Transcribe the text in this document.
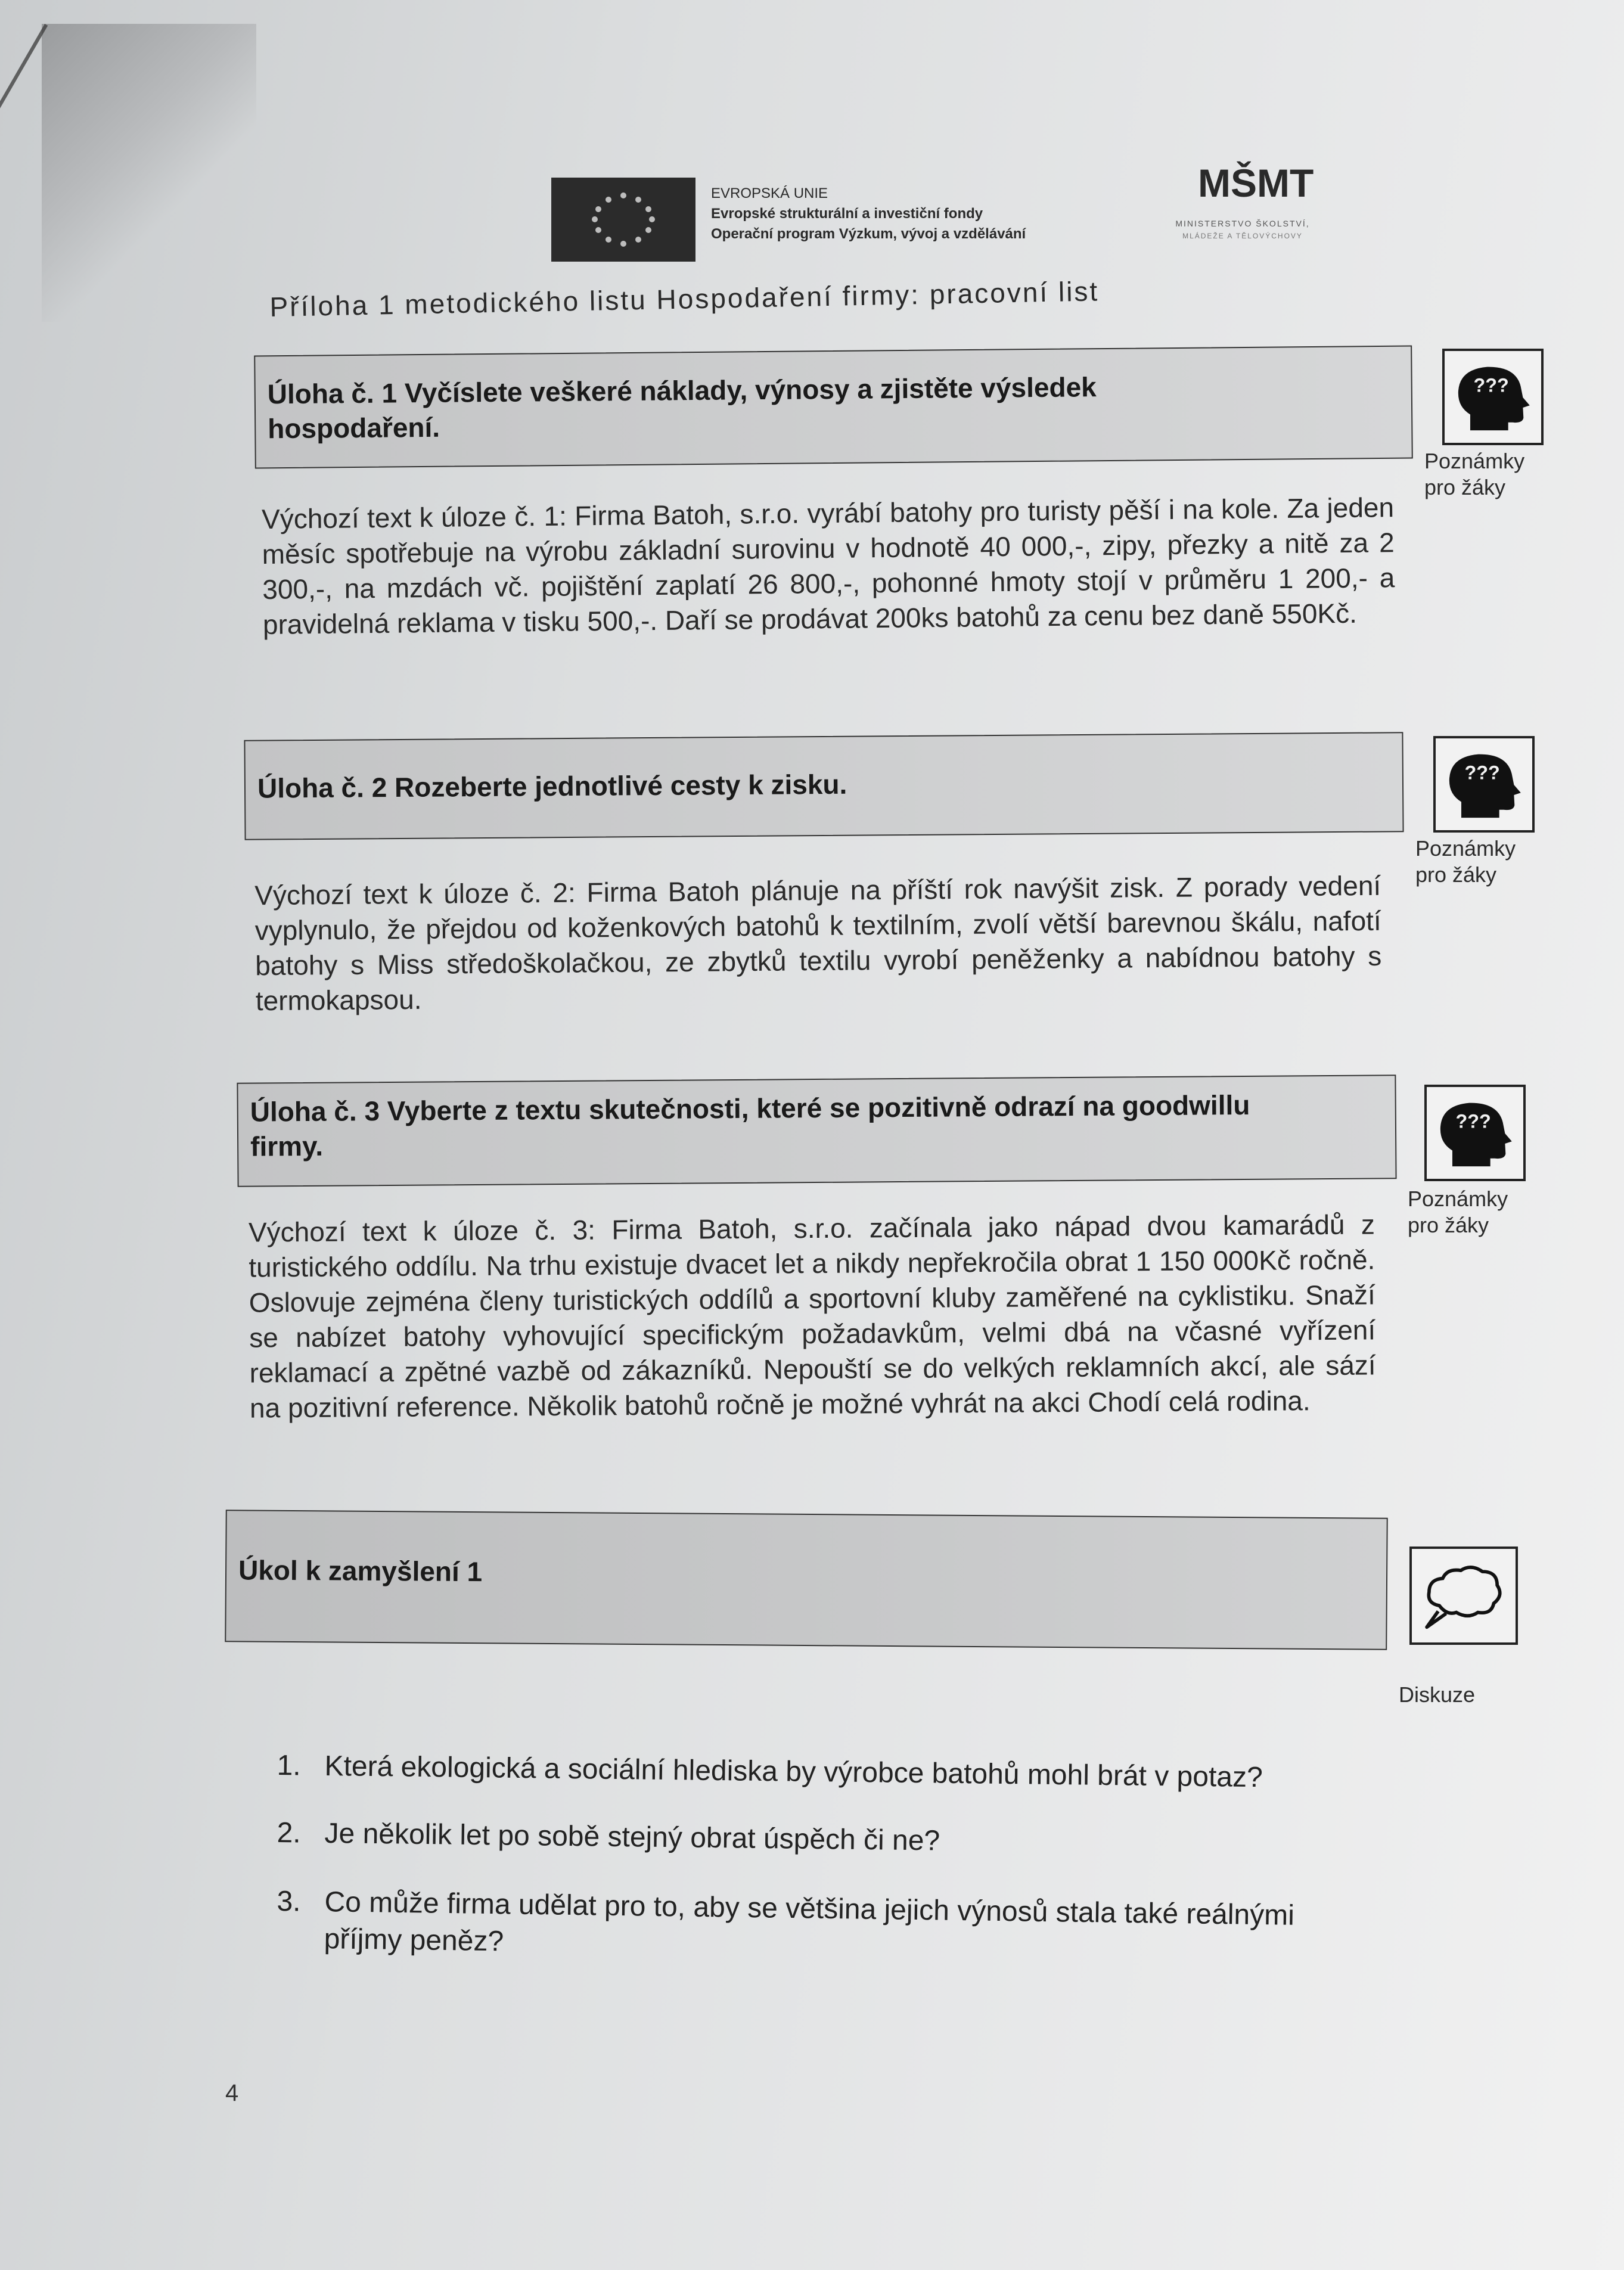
EVROPSKÁ UNIE
Evropské strukturální a investiční fondy
Operační program Výzkum, vývoj a vzdělávání
MŠMT
MINISTERSTVO ŠKOLSTVÍ,
MLÁDEŽE A TĚLOVÝCHOVY
Příloha 1 metodického listu Hospodaření firmy: pracovní list
Úloha č. 1 Vyčíslete veškeré náklady, výnosy a zjistěte výsledek
hospodaření.
???
Poznámky
pro žáky
Výchozí text k úloze č. 1: Firma Batoh, s.r.o. vyrábí batohy pro turisty pěší i na kole. Za jeden měsíc spotřebuje na výrobu základní surovinu v hodnotě 40 000,-, zipy, přezky a nitě za 2 300,-, na mzdách vč. pojištění zaplatí 26 800,-, pohonné hmoty stojí v průměru 1 200,- a pravidelná reklama v tisku 500,-. Daří se prodávat 200ks batohů za cenu bez daně 550Kč.
Úloha č. 2 Rozeberte jednotlivé cesty k zisku.	???
Poznámky
pro žáky
Výchozí text k úloze č. 2: Firma Batoh plánuje na příští rok navýšit zisk. Z porady vedení vyplynulo, že přejdou od koženkových batohů k textilním, zvolí větší barevnou škálu, nafotí batohy s Miss středoškolačkou, ze zbytků textilu vyrobí peněženky a nabídnou batohy s termokapsou.
Úloha č. 3 Vyberte z textu skutečnosti, které se pozitivně odrazí na goodwillu
firmy.
???
Poznámky
pro žáky
Výchozí text k úloze č. 3: Firma Batoh, s.r.o. začínala jako nápad dvou kamarádů z turistického oddílu. Na trhu existuje dvacet let a nikdy nepřekročila obrat 1 150 000Kč ročně. Oslovuje zejména členy turistických oddílů a sportovní kluby zaměřené na cyklistiku. Snaží se nabízet batohy vyhovující specifickým požadavkům, velmi dbá na včasné vyřízení reklamací a zpětné vazbě od zákazníků. Nepouští se do velkých reklamních akcí, ale sází na pozitivní reference. Několik batohů ročně je možné vyhrát na akci Chodí celá rodina.
Úkol k zamyšlení 1
Diskuze
1. Která ekologická a sociální hlediska by výrobce batohů mohl brát v potaz?
2. Je několik let po sobě stejný obrat úspěch či ne?
3. Co může firma udělat pro to, aby se většina jejich výnosů stala také reálnými příjmy peněz?
4
